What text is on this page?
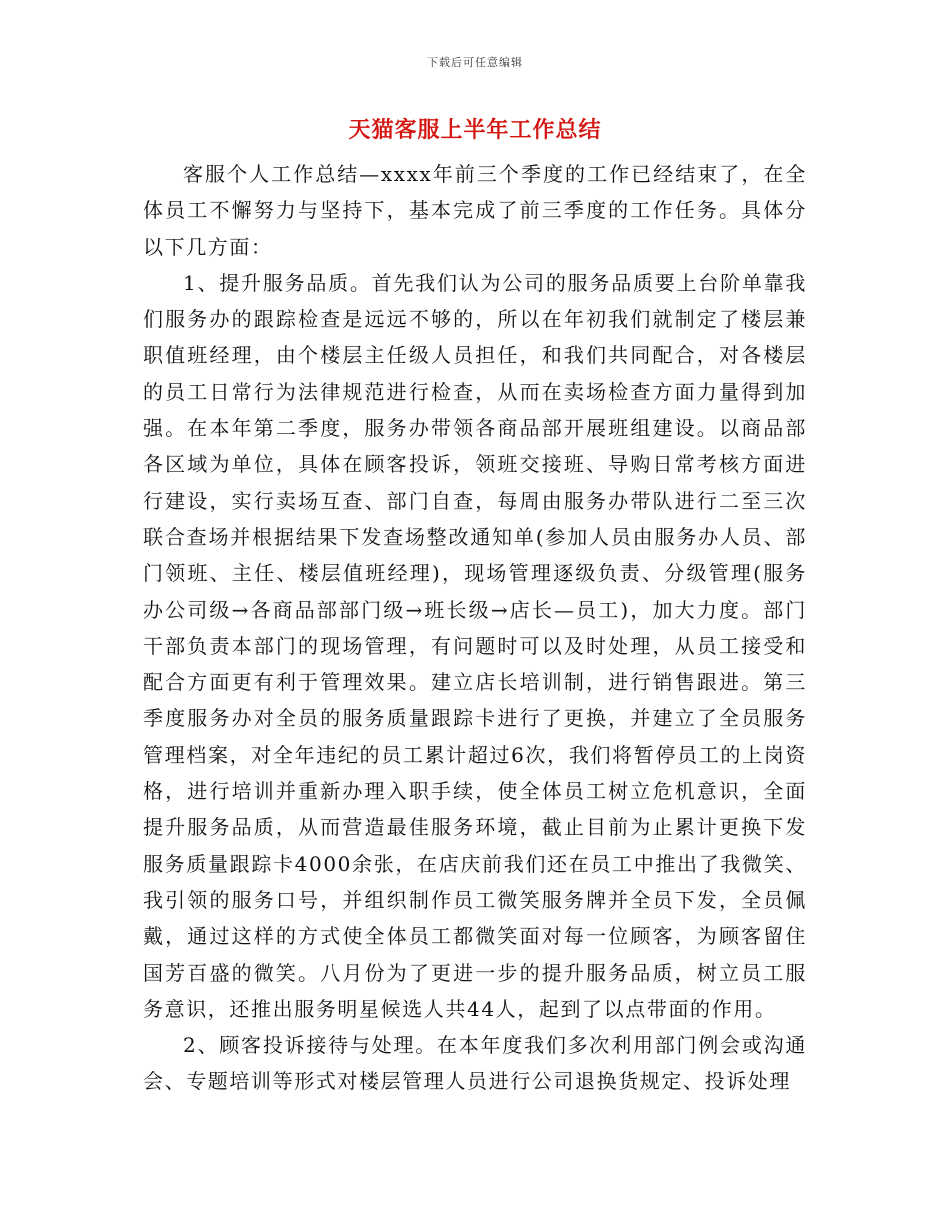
下载后可任意编辑
天猫客服上半年工作总结

客服个人工作总结—xxxx年前三个季度的工作已经结束了，在全体员工不懈努力与坚持下，基本完成了前三季度的工作任务。具体分以下几方面：

1、提升服务品质。首先我们认为公司的服务品质要上台阶单靠我们服务办的跟踪检查是远远不够的，所以在年初我们就制定了楼层兼职值班经理，由个楼层主任级人员担任，和我们共同配合，对各楼层的员工日常行为法律规范进行检查，从而在卖场检查方面力量得到加强。在本年第二季度，服务办带领各商品部开展班组建设。以商品部各区域为单位，具体在顾客投诉，领班交接班、导购日常考核方面进行建设，实行卖场互查、部门自查，每周由服务办带队进行二至三次联合查场并根据结果下发查场整改通知单(参加人员由服务办人员、部门领班、主任、楼层值班经理)，现场管理逐级负责、分级管理(服务办公司级→各商品部部门级→班长级→店长—员工)，加大力度。部门干部负责本部门的现场管理，有问题时可以及时处理，从员工接受和配合方面更有利于管理效果。建立店长培训制，进行销售跟进。第三季度服务办对全员的服务质量跟踪卡进行了更换，并建立了全员服务管理档案，对全年违纪的员工累计超过6次，我们将暂停员工的上岗资格，进行培训并重新办理入职手续，使全体员工树立危机意识，全面提升服务品质，从而营造最佳服务环境，截止目前为止累计更换下发服务质量跟踪卡4000余张，在店庆前我们还在员工中推出了我微笑、我引领的服务口号，并组织制作员工微笑服务牌并全员下发，全员佩戴，通过这样的方式使全体员工都微笑面对每一位顾客，为顾客留住国芳百盛的微笑。八月份为了更进一步的提升服务品质，树立员工服务意识，还推出服务明星候选人共44人，起到了以点带面的作用。

2、顾客投诉接待与处理。在本年度我们多次利用部门例会或沟通会、专题培训等形式对楼层管理人员进行公司退换货规定、投诉处理
